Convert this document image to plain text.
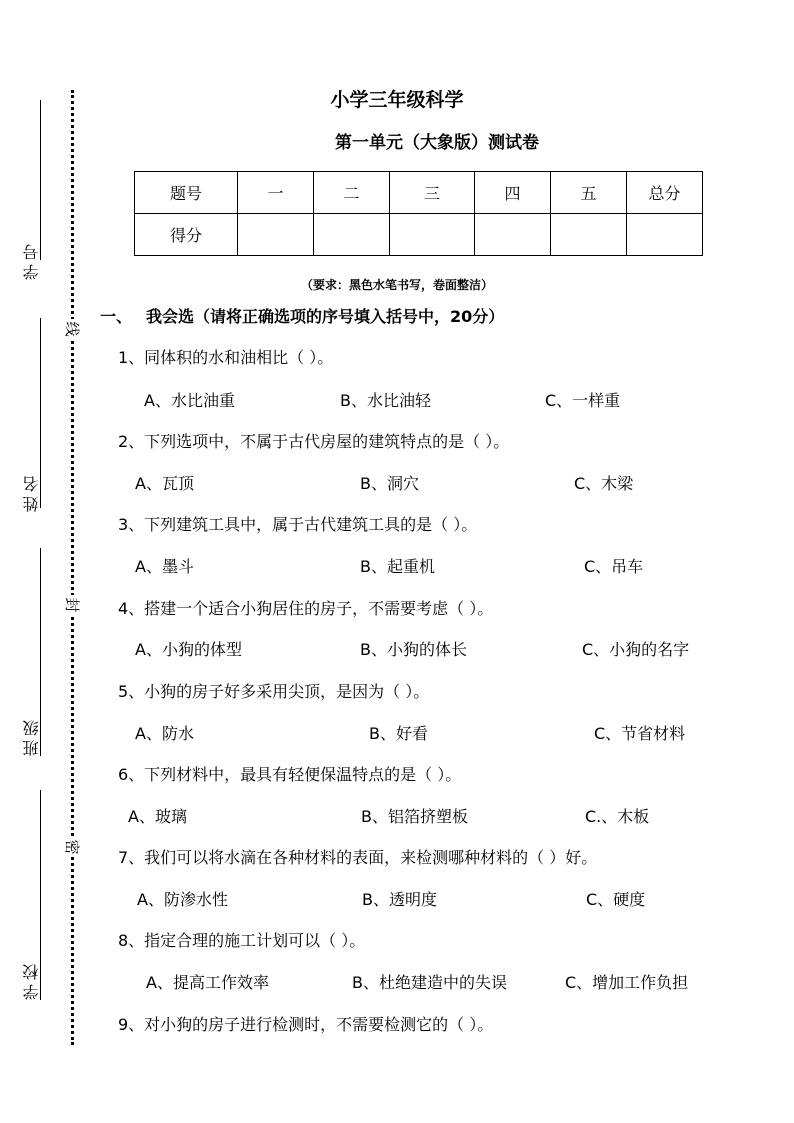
学号
姓名
班级
学校
线
封
密
小学三年级科学
第一单元（大象版）测试卷
题号	一	二	三	四	五	总分
得分						
（要求：黑色水笔书写，卷面整洁）
一、 我会选（请将正确选项的序号填入括号中，20分）
1、同体积的水和油相比（ ）。
A、水比油重	B、水比油轻	C、一样重
2、下列选项中，不属于古代房屋的建筑特点的是（ ）。
A、瓦顶	B、洞穴	C、木梁
3、下列建筑工具中，属于古代建筑工具的是（ ）。
A、墨斗	B、起重机	C、吊车
4、搭建一个适合小狗居住的房子，不需要考虑（ ）。
A、小狗的体型	B、小狗的体长	C、小狗的名字
5、小狗的房子好多采用尖顶，是因为（ ）。
A、防水	B、好看	C、节省材料
6、下列材料中，最具有轻便保温特点的是（ ）。
A、玻璃	B、铝箔挤塑板	C.、木板
7、我们可以将水滴在各种材料的表面，来检测哪种材料的（ ）好。
A、防渗水性	B、透明度	C、硬度
8、指定合理的施工计划可以（ ）。
A、提高工作效率	B、杜绝建造中的失误	C、增加工作负担
9、对小狗的房子进行检测时，不需要检测它的（ ）。
